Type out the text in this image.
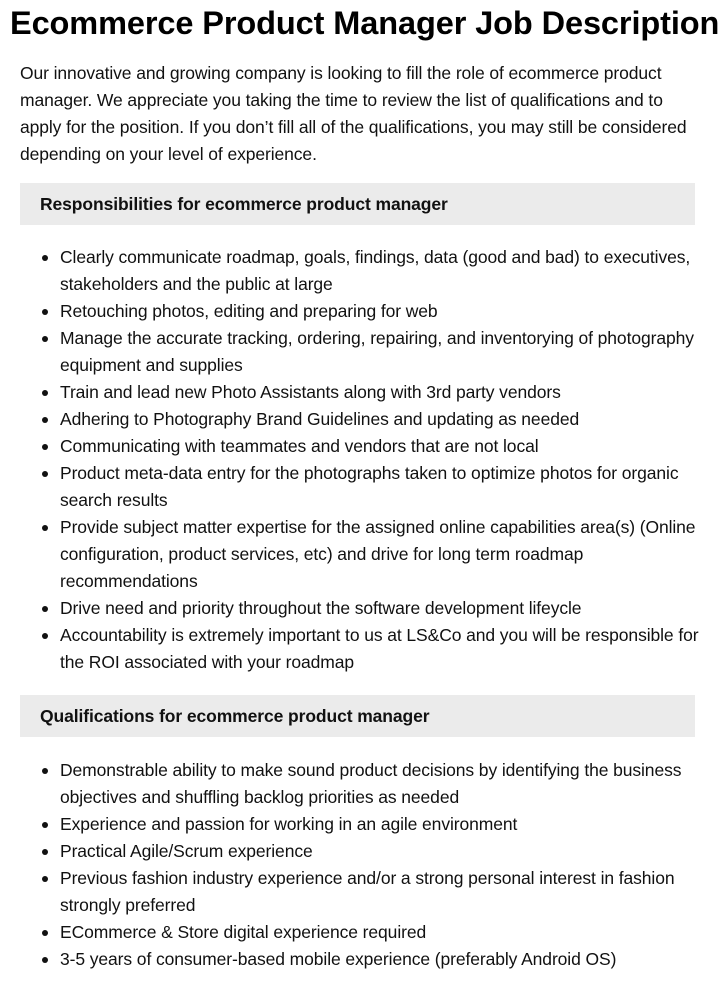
Ecommerce Product Manager Job Description

Our innovative and growing company is looking to fill the role of ecommerce product manager. We appreciate you taking the time to review the list of qualifications and to apply for the position. If you don’t fill all of the qualifications, you may still be considered depending on your level of experience.

Responsibilities for ecommerce product manager
Clearly communicate roadmap, goals, findings, data (good and bad) to executives, stakeholders and the public at large
Retouching photos, editing and preparing for web
Manage the accurate tracking, ordering, repairing, and inventorying of photography equipment and supplies
Train and lead new Photo Assistants along with 3rd party vendors
Adhering to Photography Brand Guidelines and updating as needed
Communicating with teammates and vendors that are not local
Product meta-data entry for the photographs taken to optimize photos for organic search results
Provide subject matter expertise for the assigned online capabilities area(s) (Online configuration, product services, etc) and drive for long term roadmap recommendations
Drive need and priority throughout the software development lifeycle
Accountability is extremely important to us at LS&Co and you will be responsible for the ROI associated with your roadmap
Qualifications for ecommerce product manager
Demonstrable ability to make sound product decisions by identifying the business objectives and shuffling backlog priorities as needed
Experience and passion for working in an agile environment
Practical Agile/Scrum experience
Previous fashion industry experience and/or a strong personal interest in fashion strongly preferred
ECommerce & Store digital experience required
3-5 years of consumer-based mobile experience (preferably Android OS)
